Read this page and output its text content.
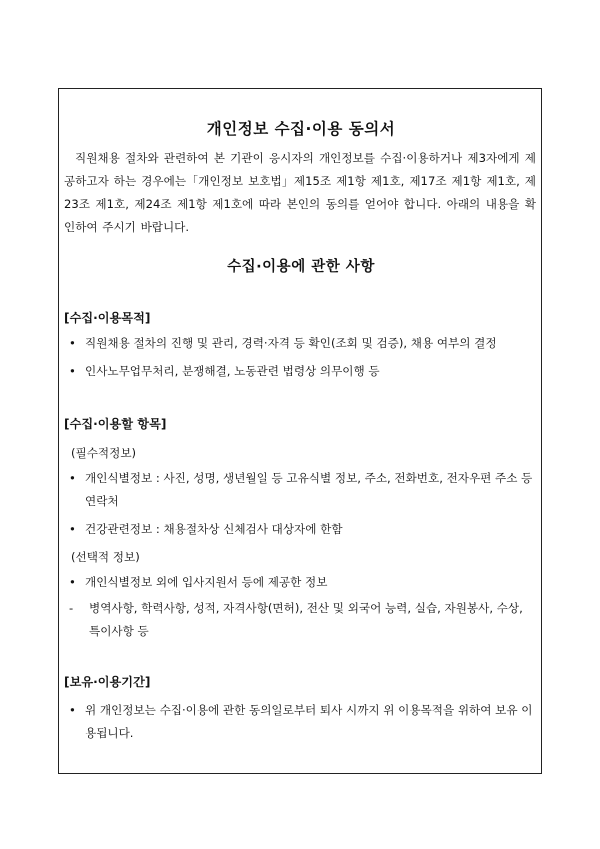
개인정보 수집·이용 동의서
직원채용 절차와 관련하여 본 기관이 응시자의 개인정보를 수집·이용하거나 제3자에게 제공하고자 하는 경우에는「개인정보 보호법」제15조 제1항 제1호, 제17조 제1항 제1호, 제23조 제1호, 제24조 제1항 제1호에 따라 본인의 동의를 얻어야 합니다. 아래의 내용을 확인하여 주시기 바랍니다.
수집·이용에 관한 사항
[수집·이용목적]
• 직원채용 절차의 진행 및 관리, 경력·자격 등 확인(조회 및 검증), 채용 여부의 결정
• 인사노무업무처리, 분쟁해결, 노동관련 법령상 의무이행 등
[수집·이용할 항목]
(필수적정보)
• 개인식별정보 : 사진, 성명, 생년월일 등 고유식별 정보, 주소, 전화번호, 전자우편 주소 등 연락처
• 건강관련정보 : 채용절차상 신체검사 대상자에 한함
(선택적 정보)
• 개인식별정보 외에 입사지원서 등에 제공한 정보
-	병역사항, 학력사항, 성적, 자격사항(면허), 전산 및 외국어 능력, 실습, 자원봉사, 수상, 특이사항 등
[보유·이용기간]
• 위 개인정보는 수집·이용에 관한 동의일로부터 퇴사 시까지 위 이용목적을 위하여 보유 이용됩니다.
